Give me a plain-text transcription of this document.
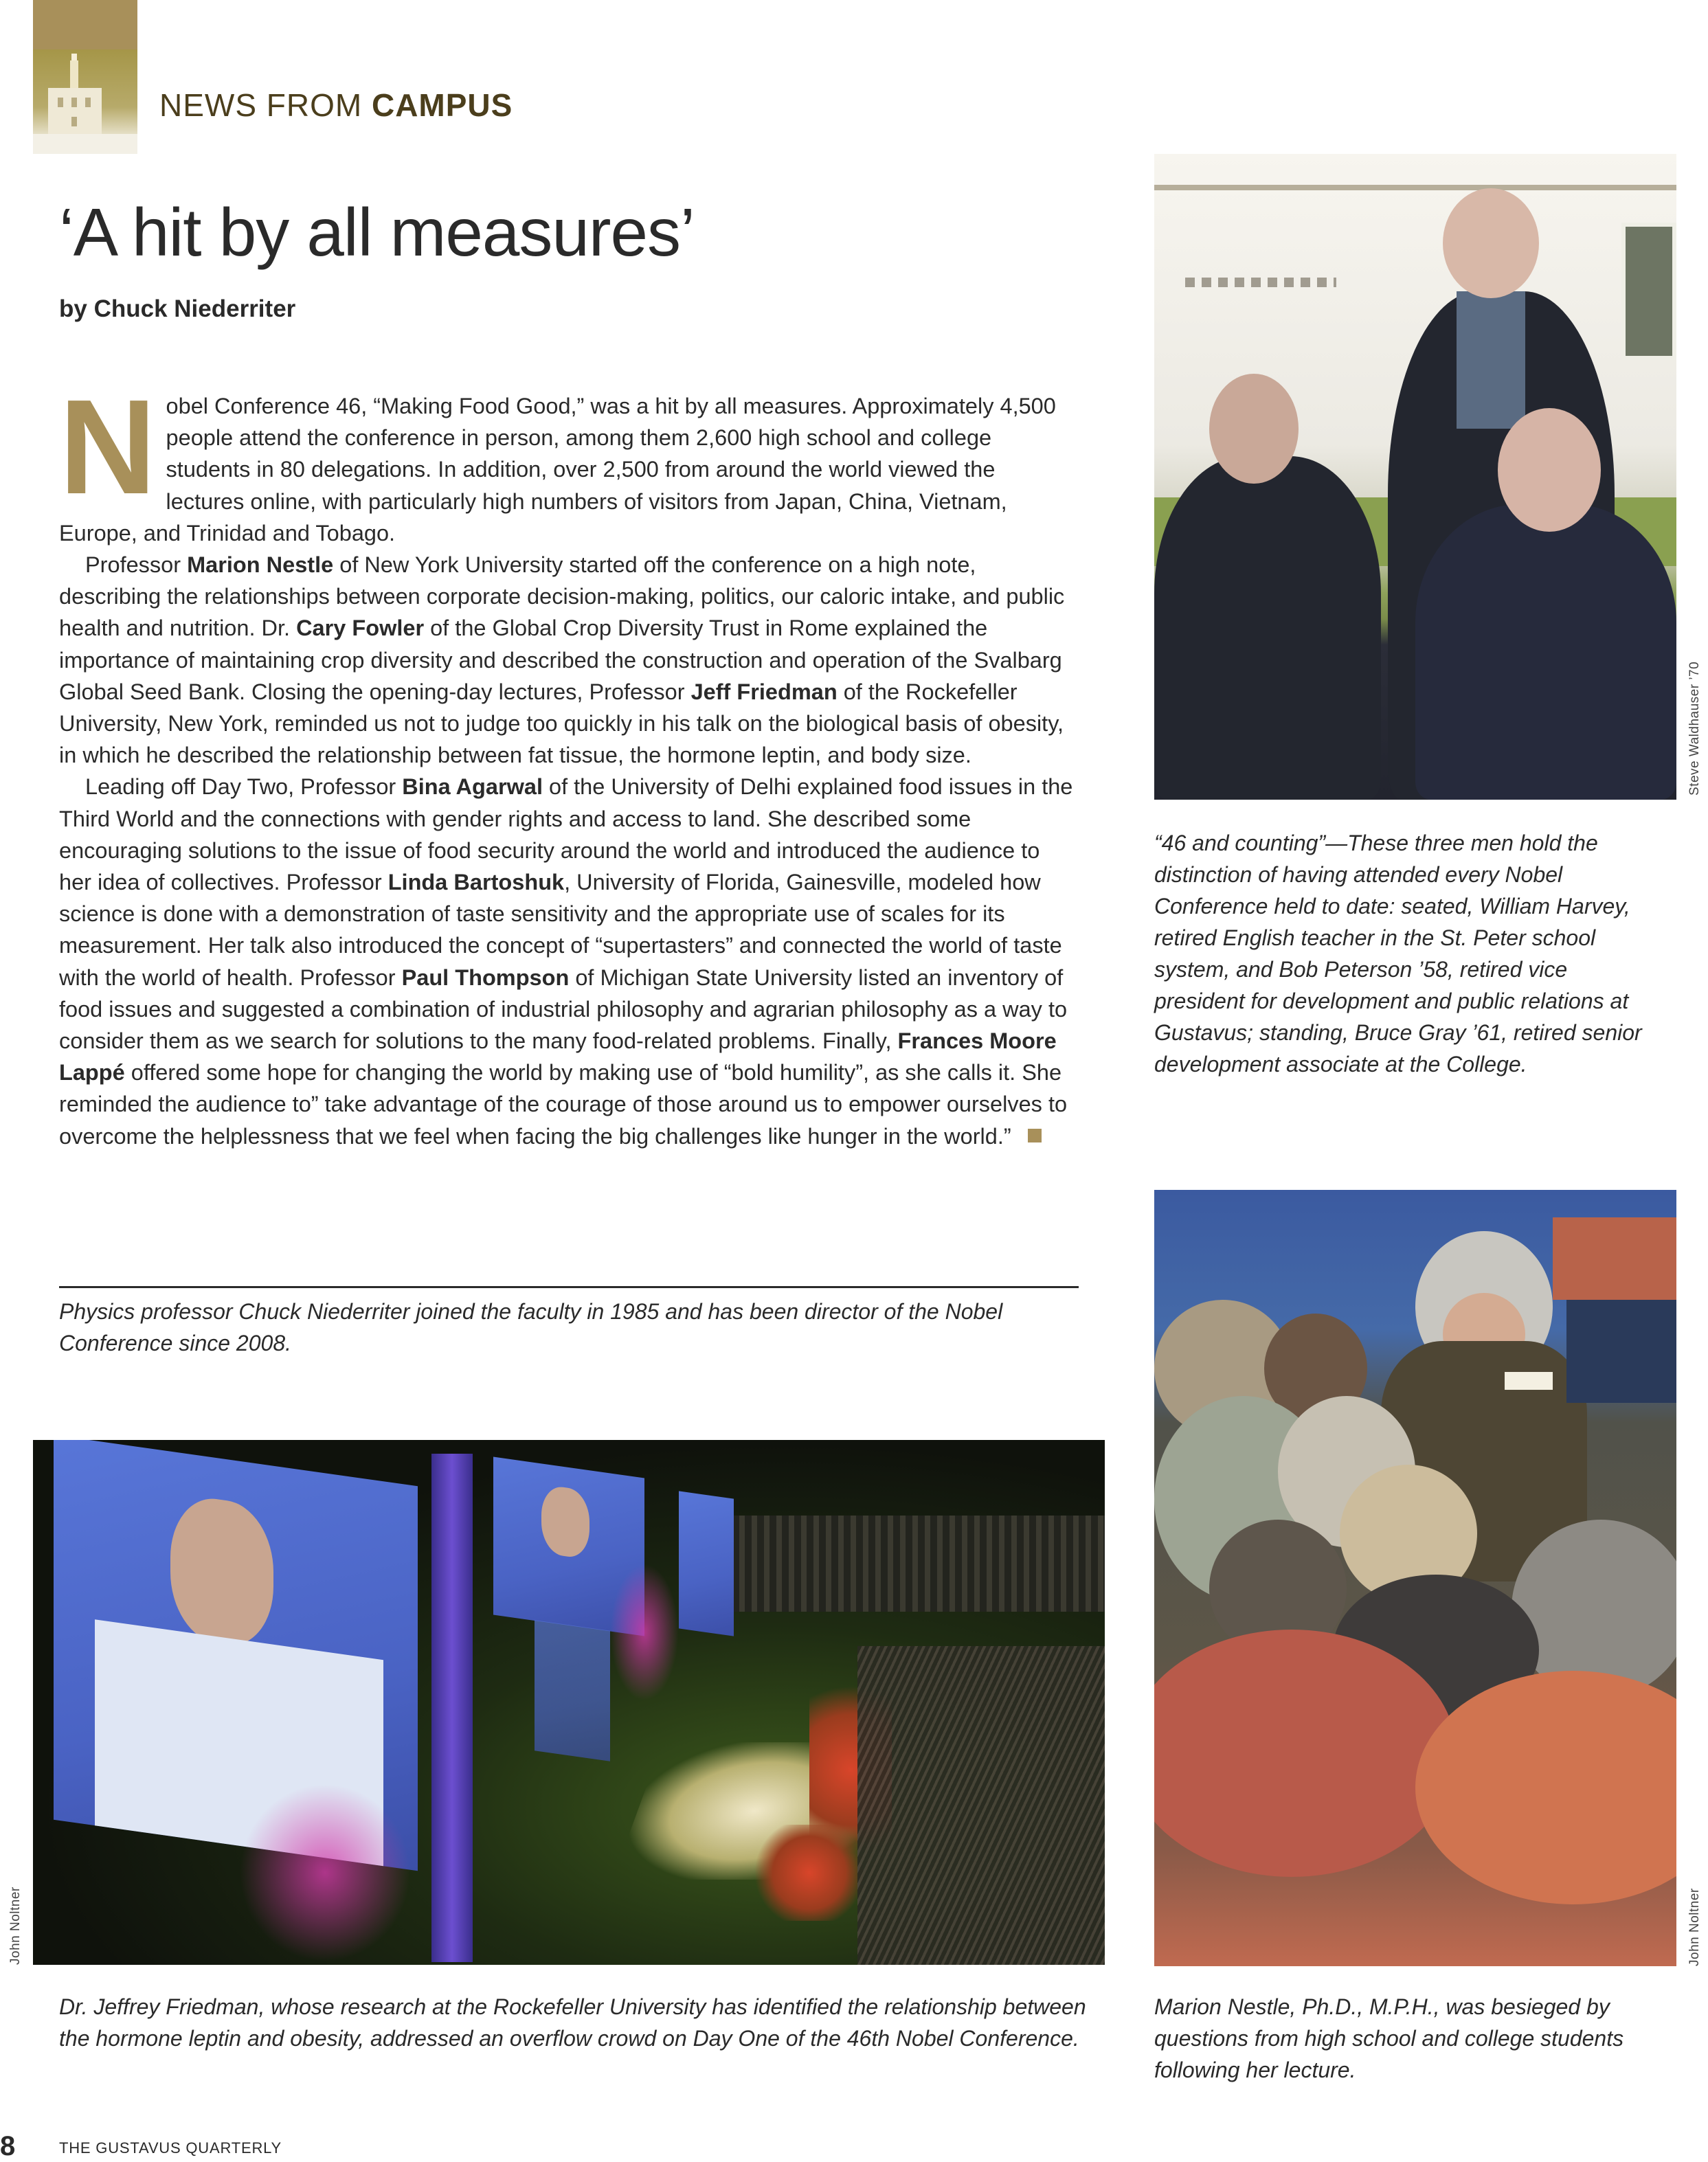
NEWS FROM CAMPUS
‘A hit by all measures’
by Chuck Niederriter

N obel Conference 46, “Making Food Good,” was a hit by all measures. Approximately 4,500 people attend the conference in person, among them 2,600 high school and college students in 80 delegations. In addition, over 2,500 from around the world viewed the lectures online, with particularly high numbers of visitors from Japan, China, Vietnam, Europe, and Trinidad and Tobago.

Professor Marion Nestle of New York University started off the conference on a high note, describing the relationships between corporate decision-making, politics, our caloric intake, and public health and nutrition. Dr. Cary Fowler of the Global Crop Diversity Trust in Rome explained the importance of maintaining crop diversity and described the construction and operation of the Svalbarg Global Seed Bank. Closing the opening-day lectures, Professor Jeff Friedman of the Rockefeller University, New York, reminded us not to judge too quickly in his talk on the biological basis of obesity, in which he described the relationship between fat tissue, the hormone leptin, and body size.

Leading off Day Two, Professor Bina Agarwal of the University of Delhi explained food issues in the Third World and the connections with gender rights and access to land. She described some encouraging solutions to the issue of food security around the world and introduced the audience to her idea of collectives. Professor Linda Bartoshuk, University of Florida, Gainesville, modeled how science is done with a demonstration of taste sensitivity and the appropriate use of scales for its measurement. Her talk also introduced the concept of “supertasters” and connected the world of taste with the world of health. Professor Paul Thompson of Michigan State University listed an inventory of food issues and suggested a combination of industrial philosophy and agrarian philosophy as a way to consider them as we search for solutions to the many food-related problems. Finally, Frances Moore Lappé offered some hope for changing the world by making use of “bold humility”, as she calls it. She reminded the audience to” take advantage of the courage of those around us to empower ourselves to overcome the helplessness that we feel when facing the big challenges like hunger in the world.”

Physics professor Chuck Niederriter joined the faculty in 1985 and has been director of the Nobel Conference since 2008.
Steve Waldhauser ’70
“46 and counting”—These three men hold the distinction of having attended every Nobel Conference held to date: seated, William Harvey, retired English teacher in the St. Peter school system, and Bob Peterson ’58, retired vice president for development and public relations at Gustavus; standing, Bruce Gray ’61, retired senior development associate at the College.
John Noltner
Dr. Jeffrey Friedman, whose research at the Rockefeller University has identified the relationship between the hormone leptin and obesity, addressed an overflow crowd on Day One of the 46th Nobel Conference.
John Noltner
Marion Nestle, Ph.D., M.P.H., was besieged by questions from high school and college students following her lecture.
8	THE GUSTAVUS QUARTERLY
